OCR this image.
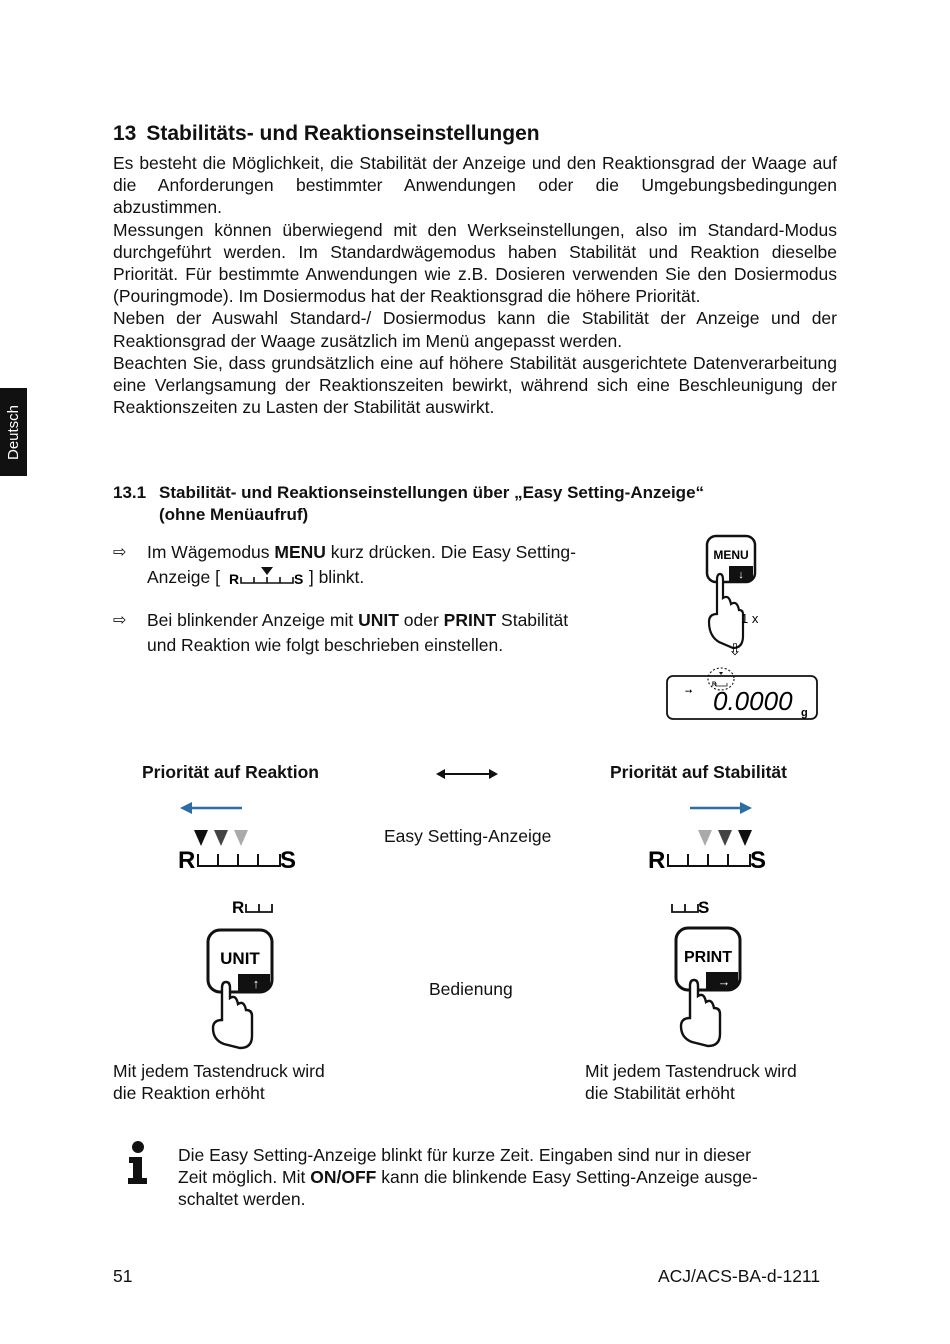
13 Stabilitäts- und Reaktionseinstellungen
Es besteht die Möglichkeit, die Stabilität der Anzeige und den Reaktionsgrad der Waage auf die Anforderungen bestimmter Anwendungen oder die Umgebungsbedingungen abzustimmen.
Messungen können überwiegend mit den Werkseinstellungen, also im Standard-Modus durchgeführt werden. Im Standardwägemodus haben Stabilität und Reaktion dieselbe Priorität. Für bestimmte Anwendungen wie z.B. Dosieren verwenden Sie den Dosiermodus (Pouringmode). Im Dosiermodus hat der Reaktionsgrad die höhere Priorität.
Neben der Auswahl Standard-/ Dosiermodus kann die Stabilität der Anzeige und der Reaktionsgrad der Waage zusätzlich im Menü angepasst werden.
Beachten Sie, dass grundsätzlich eine auf höhere Stabilität ausgerichtete Datenverarbeitung eine Verlangsamung der Reaktionszeiten bewirkt, während sich eine Beschleunigung der Reaktionszeiten zu Lasten der Stabilität auswirkt.
Deutsch
13.1 Stabilität- und Reaktionseinstellungen über „Easy Setting-Anzeige“
(ohne Menüaufruf)
⇨ Im Wägemodus MENU kurz drücken. Die Easy Setting-
Anzeige [ R	S ] blinkt.
⇨ Bei blinkender Anzeige mit UNIT oder PRINT Stabilität
und Reaktion wie folgt beschrieben einstellen.
MENU
↓
1 x
⇩
R
➙ 0.0000 g
Priorität auf Reaktion	Priorität auf Stabilität
R	S	R	S
Easy Setting-Anzeige
R	S
UNIT
↑
PRINT
→
Bedienung
Mit jedem Tastendruck wird
die Reaktion erhöht
Mit jedem Tastendruck wird
die Stabilität erhöht
Die Easy Setting-Anzeige blinkt für kurze Zeit. Eingaben sind nur in dieser
Zeit möglich. Mit ON/OFF kann die blinkende Easy Setting-Anzeige ausge-
schaltet werden.
51	ACJ/ACS-BA-d-1211
